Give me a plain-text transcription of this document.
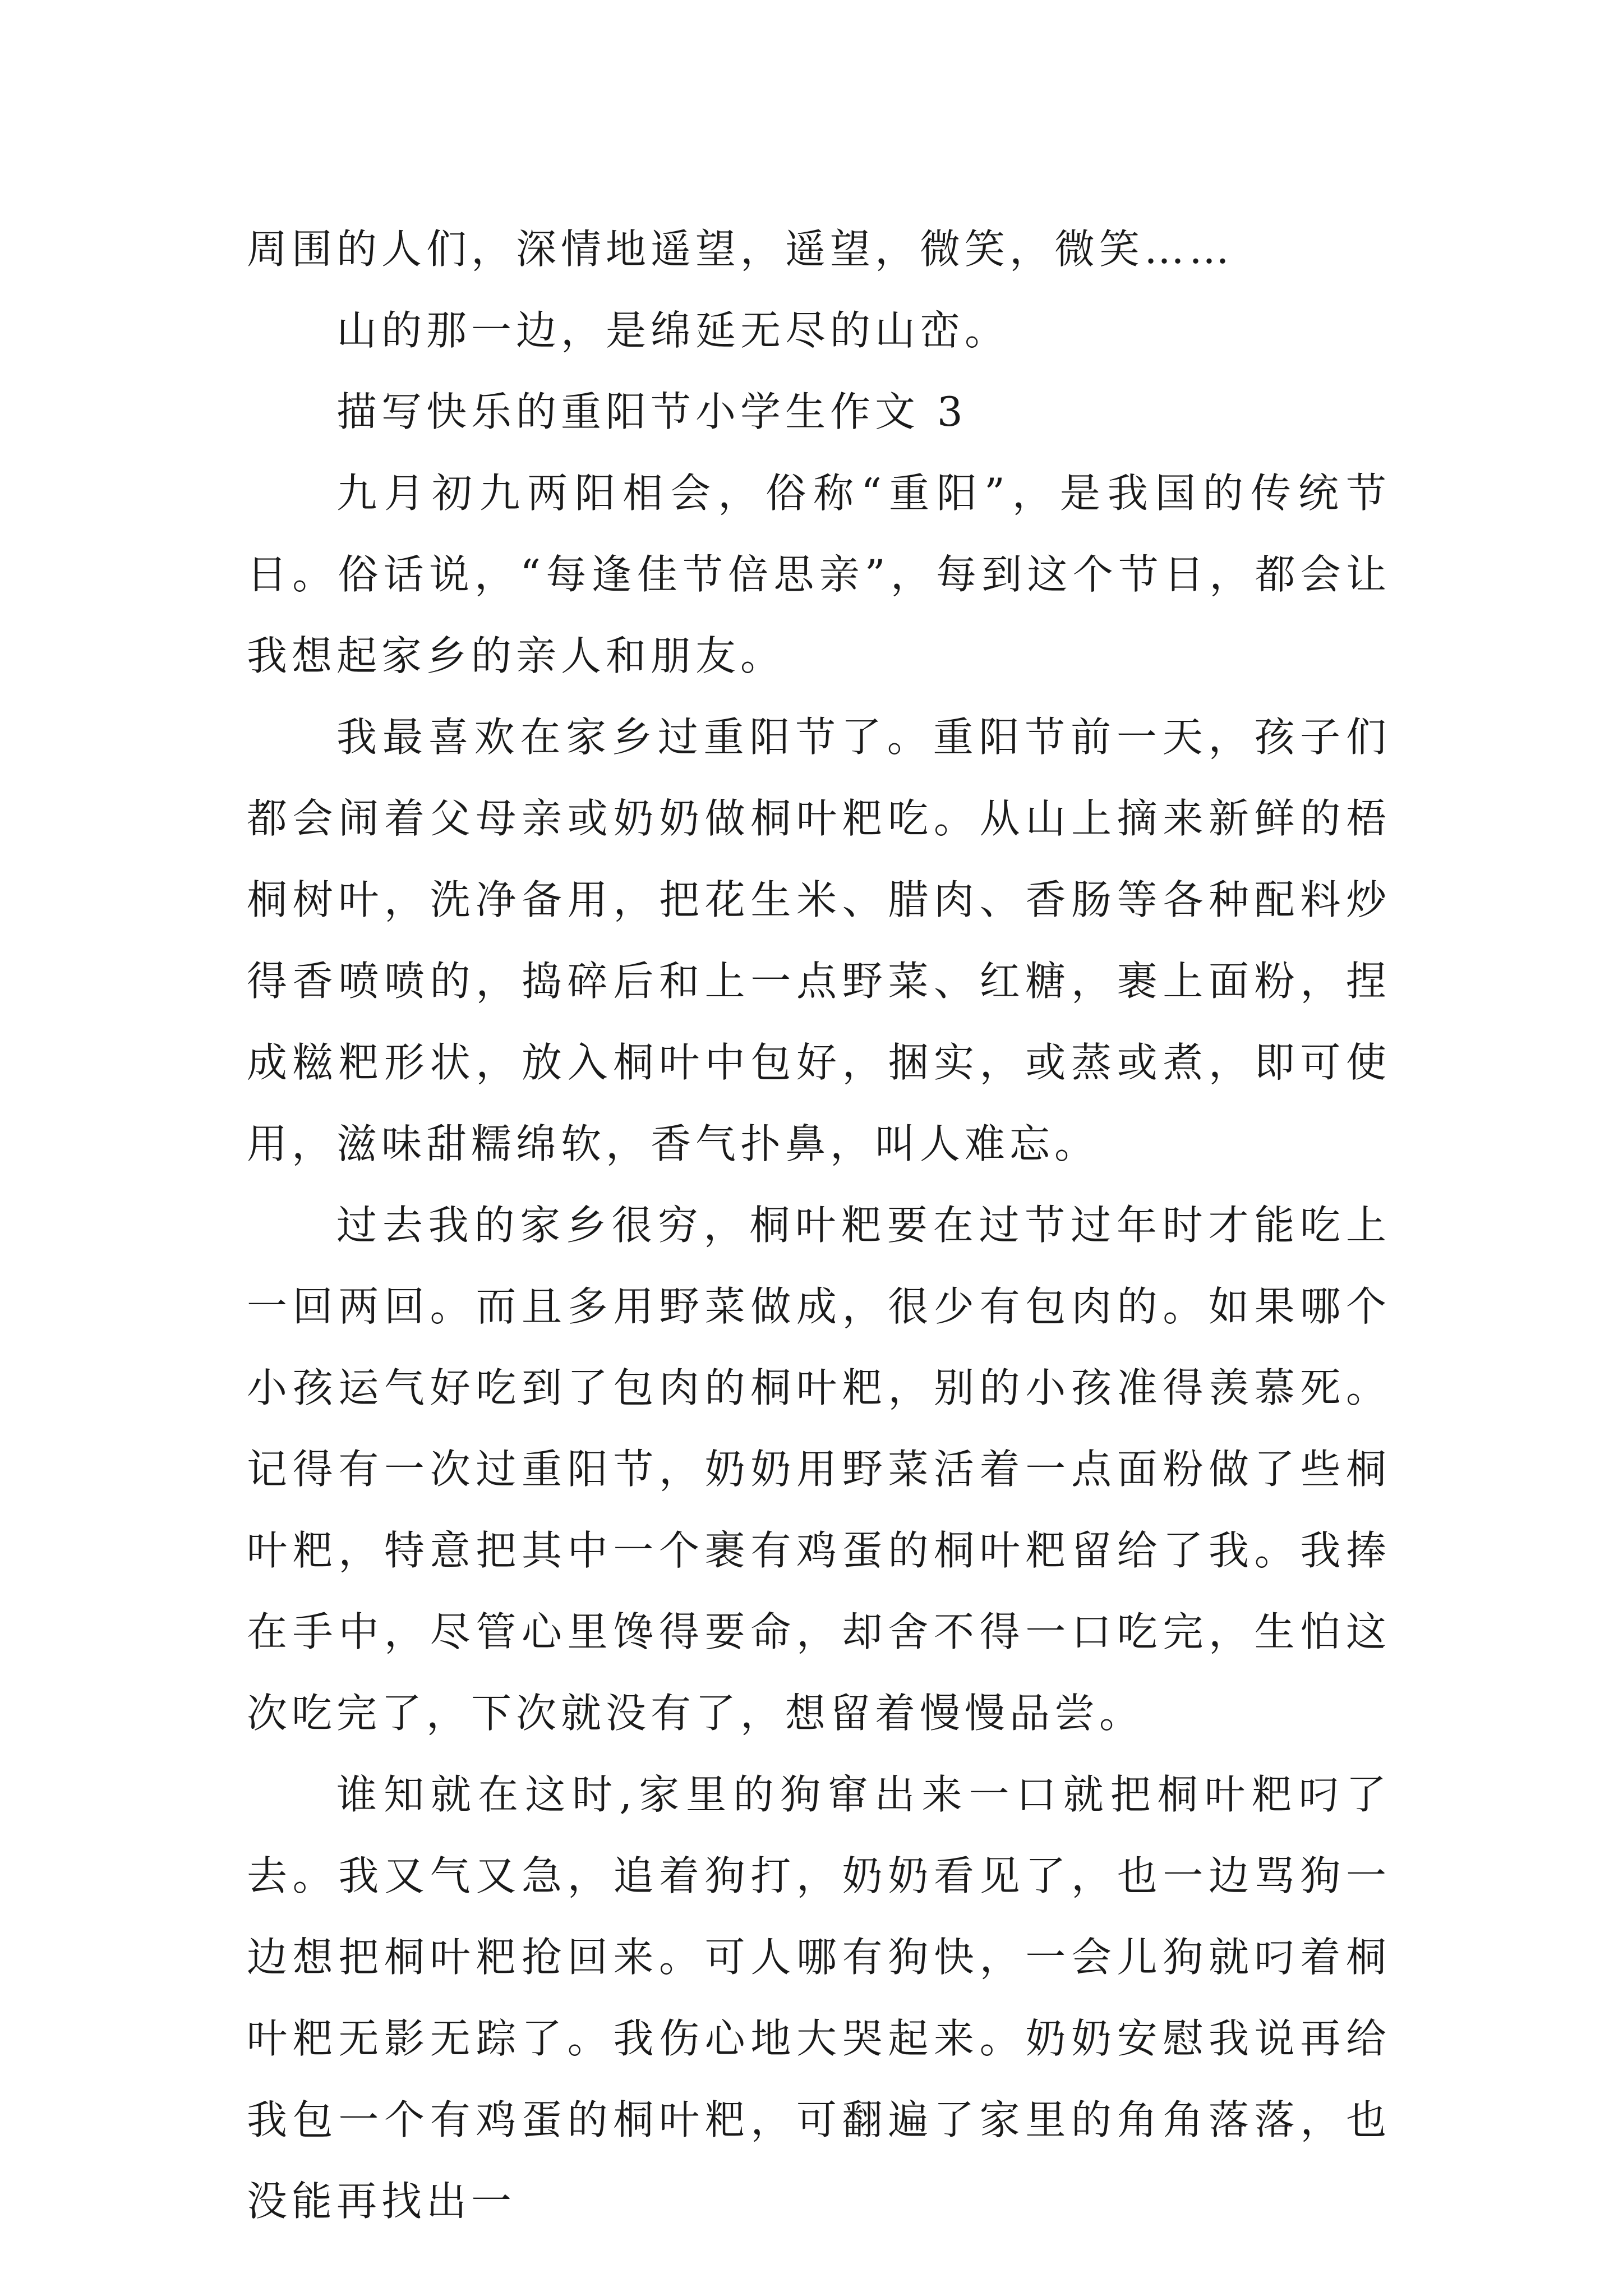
周围的人们，深情地遥望，遥望，微笑，微笑……

山的那一边，是绵延无尽的山峦。

描写快乐的重阳节小学生作文 3

九月初九两阳相会，俗称“重阳”，是我国的传统节日。俗话说，“每逢佳节倍思亲”，每到这个节日，都会让我想起家乡的亲人和朋友。

我最喜欢在家乡过重阳节了。重阳节前一天，孩子们都会闹着父母亲或奶奶做桐叶粑吃。从山上摘来新鲜的梧桐树叶，洗净备用，把花生米、腊肉、香肠等各种配料炒得香喷喷的，捣碎后和上一点野菜、红糖，裹上面粉，捏成糍粑形状，放入桐叶中包好，捆实，或蒸或煮，即可使用，滋味甜糯绵软，香气扑鼻，叫人难忘。

过去我的家乡很穷，桐叶粑要在过节过年时才能吃上一回两回。而且多用野菜做成，很少有包肉的。如果哪个小孩运气好吃到了包肉的桐叶粑，别的小孩准得羡慕死。记得有一次过重阳节，奶奶用野菜活着一点面粉做了些桐叶粑，特意把其中一个裹有鸡蛋的桐叶粑留给了我。我捧在手中，尽管心里馋得要命，却舍不得一口吃完，生怕这次吃完了，下次就没有了，想留着慢慢品尝。

谁知就在这时,家里的狗窜出来一口就把桐叶粑叼了去。我又气又急，追着狗打，奶奶看见了，也一边骂狗一边想把桐叶粑抢回来。可人哪有狗快，一会儿狗就叼着桐叶粑无影无踪了。我伤心地大哭起来。奶奶安慰我说再给我包一个有鸡蛋的桐叶粑，可翻遍了家里的角角落落，也没能再找出一
